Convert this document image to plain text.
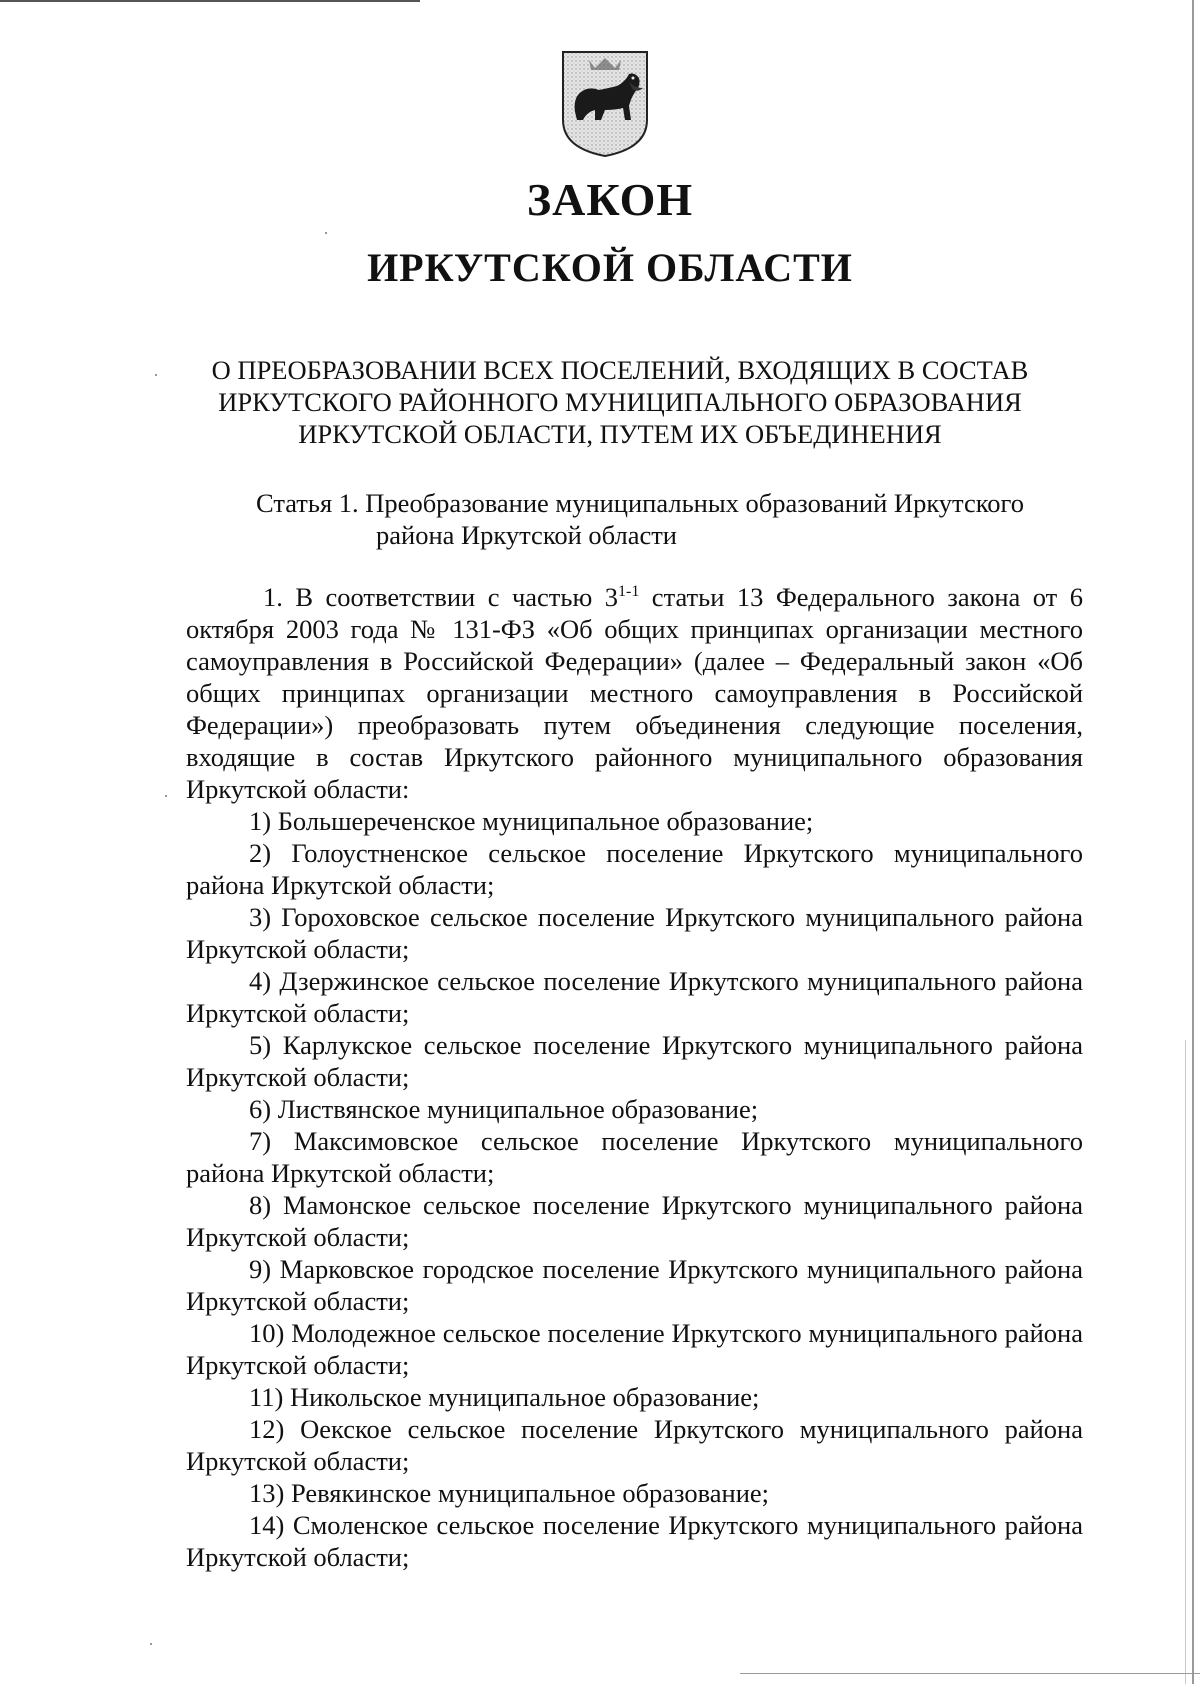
ЗАКОН
ИРКУТСКОЙ ОБЛАСТИ
О ПРЕОБРАЗОВАНИИ ВСЕХ ПОСЕЛЕНИЙ, ВХОДЯЩИХ В СОСТАВ
ИРКУТСКОГО РАЙОННОГО МУНИЦИПАЛЬНОГО ОБРАЗОВАНИЯ
ИРКУТСКОЙ ОБЛАСТИ, ПУТЕМ ИХ ОБЪЕДИНЕНИЯ
Статья 1. Преобразование муниципальных образований Иркутского
района Иркутской области

1. В соответствии с частью 3$^{1-1}$ статьи 13 Федерального закона от 6 октября 2003 года № 131-ФЗ «Об общих принципах организации местного самоуправления в Российской Федерации» (далее – Федеральный закон «Об общих принципах организации местного самоуправления в Российской Федерации») преобразовать путем объединения следующие поселения, входящие в состав Иркутского районного муниципального образования Иркутской области:

1) Большереченское муниципальное образование;

2) Голоустненское сельское поселение Иркутского муниципального района Иркутской области;

3) Гороховское сельское поселение Иркутского муниципального района Иркутской области;

4) Дзержинское сельское поселение Иркутского муниципального района Иркутской области;

5) Карлукское сельское поселение Иркутского муниципального района Иркутской области;

6) Листвянское муниципальное образование;

7) Максимовское сельское поселение Иркутского муниципального района Иркутской области;

8) Мамонское сельское поселение Иркутского муниципального района Иркутской области;

9) Марковское городское поселение Иркутского муниципального района Иркутской области;

10) Молодежное сельское поселение Иркутского муниципального района Иркутской области;

11) Никольское муниципальное образование;

12) Оекское сельское поселение Иркутского муниципального района Иркутской области;

13) Ревякинское муниципальное образование;

14) Смоленское сельское поселение Иркутского муниципального района Иркутской области;
